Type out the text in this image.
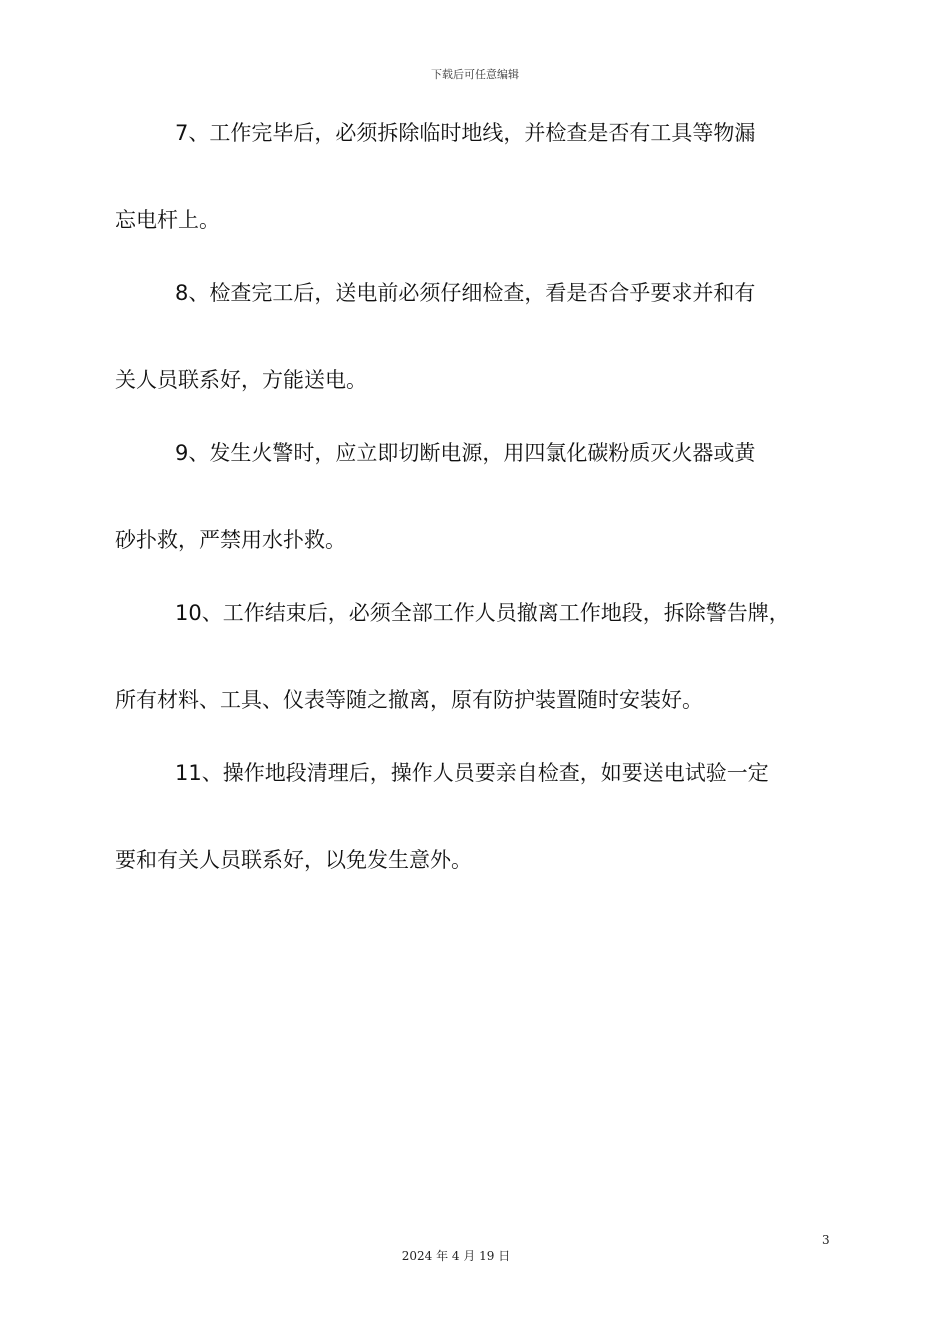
下载后可任意编辑
7、工作完毕后，必须拆除临时地线，并检查是否有工具等物漏
忘电杆上。
8、检查完工后，送电前必须仔细检查，看是否合乎要求并和有
关人员联系好，方能送电。
9、发生火警时，应立即切断电源，用四氯化碳粉质灭火器或黄
砂扑救，严禁用水扑救。
10、工作结束后，必须全部工作人员撤离工作地段，拆除警告牌，
所有材料、工具、仪表等随之撤离，原有防护装置随时安装好。
11、操作地段清理后，操作人员要亲自检查，如要送电试验一定
要和有关人员联系好，以免发生意外。
3
2024 年 4 月 19 日
